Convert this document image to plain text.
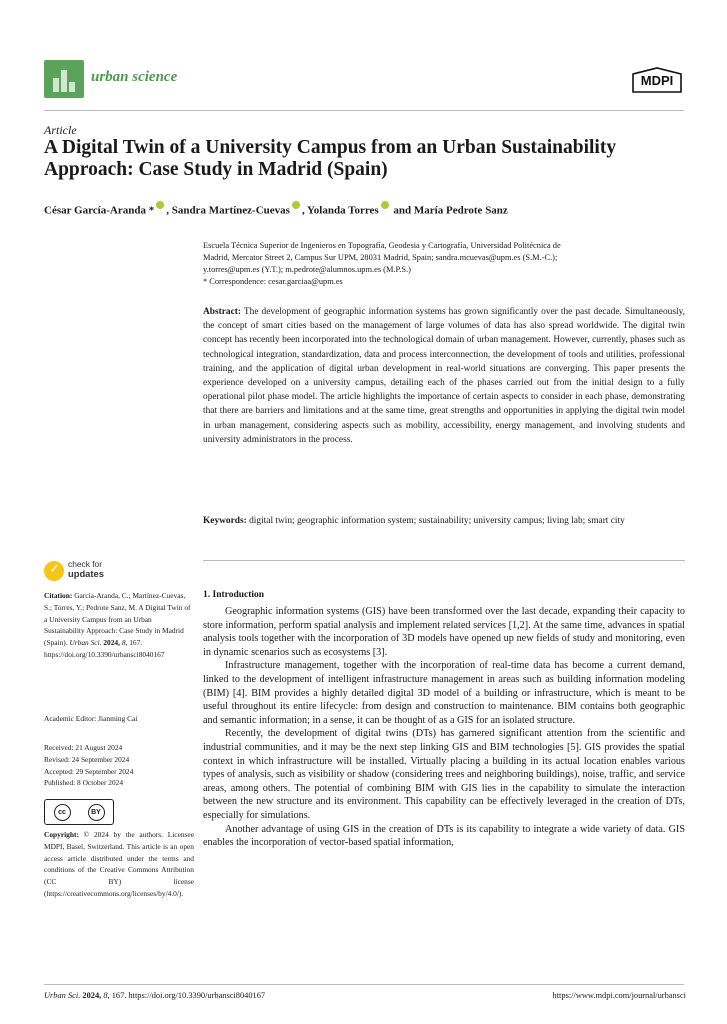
urban science	MDPI
Article
A Digital Twin of a University Campus from an Urban Sustainability Approach: Case Study in Madrid (Spain)
César García-Aranda * , Sandra Martínez-Cuevas , Yolanda Torres and María Pedrote Sanz
Escuela Técnica Superior de Ingenieros en Topografía, Geodesia y Cartografía, Universidad Politécnica de
Madrid, Mercator Street 2, Campus Sur UPM, 28031 Madrid, Spain; sandra.mcuevas@upm.es (S.M.-C.);
y.torres@upm.es (Y.T.); m.pedrote@alumnos.upm.es (M.P.S.)
* Correspondence: cesar.garciaa@upm.es
Abstract: The development of geographic information systems has grown significantly over the past decade. Simultaneously, the concept of smart cities based on the management of large volumes of data has also spread worldwide. The digital twin concept has recently been incorporated into the technological domain of urban management. However, currently, phases such as technological integration, standardization, data and process interconnection, the development of tools and utilities, professional training, and the application of digital urban development in real-world situations are converging. This paper presents the experience developed on a university campus, detailing each of the phases carried out from the initial design to a fully operational pilot phase model. The article highlights the importance of certain aspects to consider in each phase, demonstrating that there are barriers and limitations and at the same time, great strengths and opportunities in applying the digital twin model in urban management, considering aspects such as mobility, accessibility, energy management, and involving students and university administrators in the process.
Keywords: digital twin; geographic information system; sustainability; university campus; living lab; smart city
✓ check for
updates
Citation: García-Aranda, C.; Martínez-Cuevas, S.; Torres, Y.; Pedrote Sanz, M. A Digital Twin of a University Campus from an Urban Sustainability Approach: Case Study in Madrid (Spain). Urban Sci. 2024, 8, 167. https://doi.org/10.3390/urbansci8040167
Academic Editor: Jianming Cai
Received: 21 August 2024
Revised: 24 September 2024
Accepted: 29 September 2024
Published: 8 October 2024
cc	BY
Copyright: © 2024 by the authors. Licensee MDPI, Basel, Switzerland. This article is an open access article distributed under the terms and conditions of the Creative Commons Attribution (CC BY) license (https://creativecommons.org/licenses/by/4.0/).
1. Introduction

Geographic information systems (GIS) have been transformed over the last decade, expanding their capacity to store information, perform spatial analysis and implement related services [1,2]. At the same time, advances in spatial analysis tools together with the incorporation of 3D models have opened up new fields of study and monitoring, even in dynamic scenarios such as ecosystems [3].

Infrastructure management, together with the incorporation of real-time data has become a current demand, linked to the development of intelligent infrastructure management in areas such as building information modeling (BIM) [4]. BIM provides a highly detailed digital 3D model of a building or infrastructure, which is meant to be useful throughout its entire lifecycle: from design and construction to maintenance. BIM contains both geographic and semantic information; in a sense, it can be thought of as a GIS for an isolated structure.

Recently, the development of digital twins (DTs) has garnered significant attention from the scientific and industrial communities, and it may be the next step linking GIS and BIM technologies [5]. GIS provides the spatial context in which infrastructure will be installed. Virtually placing a building in its actual location enables various types of analysis, such as visibility or shadow (considering trees and neighboring buildings), noise, traffic, and service areas, among others. The potential of combining BIM with GIS lies in the capability to simulate the interaction between the new structure and its environment. This capability can be effectively leveraged in the creation of DTs, especially for simulations.

Another advantage of using GIS in the creation of DTs is its capability to integrate a wide variety of data. GIS enables the incorporation of vector-based spatial information,

Urban Sci. 2024, 8, 167. https://doi.org/10.3390/urbansci8040167	https://www.mdpi.com/journal/urbansci
